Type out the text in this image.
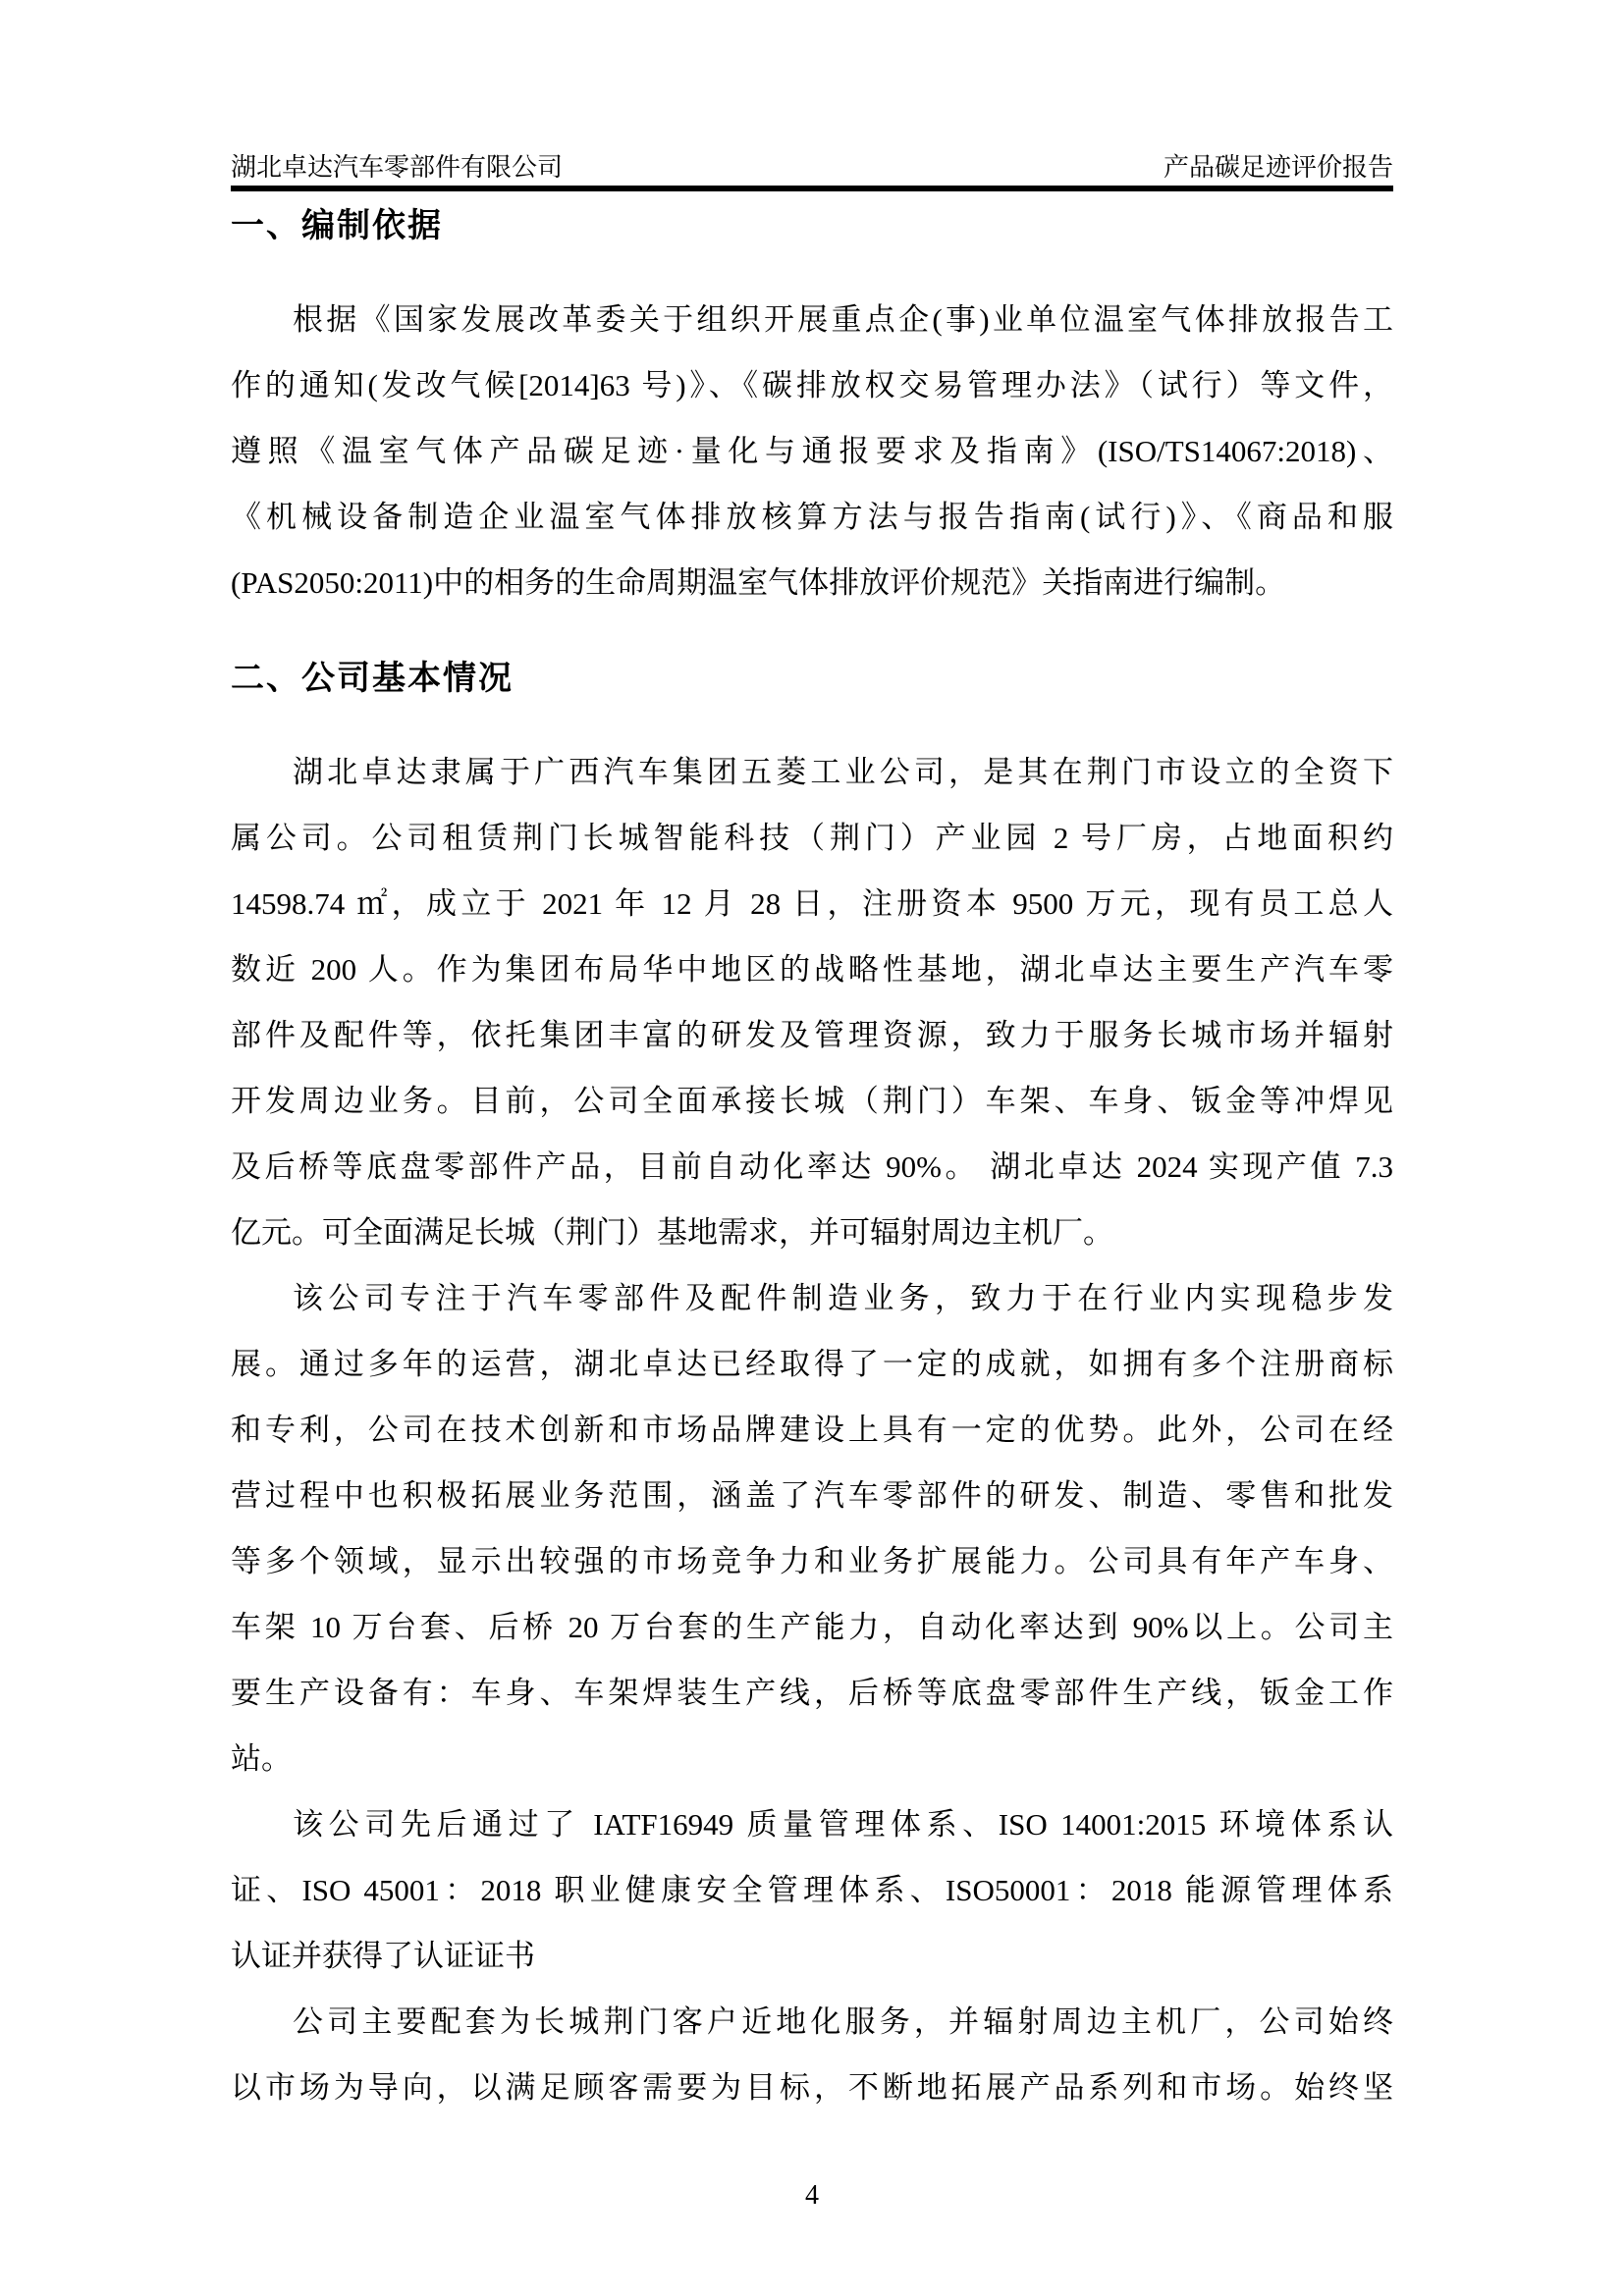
湖北卓达汽车零部件有限公司	产品碳足迹评价报告
一、编制依据
根据《国家发展改革委关于组织开展重点企(事)业单位温室气体排放报告工
作的通知(发改气候[2014]63 号)》、《碳排放权交易管理办法》（试行）等文件，
遵照《温室气体产品碳足迹·量化与通报要求及指南》(ISO/TS14067:2018)、
《机械设备制造企业温室气体排放核算方法与报告指南(试行)》、《商品和服
(PAS2050:2011)中的相务的生命周期温室气体排放评价规范》关指南进行编制。
二、公司基本情况
湖北卓达隶属于广西汽车集团五菱工业公司，是其在荆门市设立的全资下
属公司。公司租赁荆门长城智能科技（荆门）产业园 2 号厂房，占地面积约
14598.74 ㎡，成立于 2021 年 12 月 28 日，注册资本 9500 万元，现有员工总人
数近 200 人。作为集团布局华中地区的战略性基地，湖北卓达主要生产汽车零
部件及配件等，依托集团丰富的研发及管理资源，致力于服务长城市场并辐射
开发周边业务。目前，公司全面承接长城（荆门）车架、车身、钣金等冲焊见
及后桥等底盘零部件产品，目前自动化率达 90%。 湖北卓达 2024 实现产值 7.3
亿元。可全面满足长城（荆门）基地需求，并可辐射周边主机厂。
该公司专注于汽车零部件及配件制造业务，致力于在行业内实现稳步发
展。通过多年的运营，湖北卓达已经取得了一定的成就，如拥有多个注册商标
和专利，公司在技术创新和市场品牌建设上具有一定的优势。此外，公司在经
营过程中也积极拓展业务范围，涵盖了汽车零部件的研发、制造、零售和批发
等多个领域，显示出较强的市场竞争力和业务扩展能力。公司具有年产车身、
车架 10 万台套、后桥 20 万台套的生产能力，自动化率达到 90%以上。公司主
要生产设备有：车身、车架焊装生产线，后桥等底盘零部件生产线，钣金工作
站。
该公司先后通过了 IATF16949 质量管理体系、ISO 14001:2015 环境体系认
证、ISO 45001：2018 职业健康安全管理体系、ISO50001：2018 能源管理体系
认证并获得了认证证书
公司主要配套为长城荆门客户近地化服务，并辐射周边主机厂，公司始终
以市场为导向，以满足顾客需要为目标，不断地拓展产品系列和市场。始终坚
4
